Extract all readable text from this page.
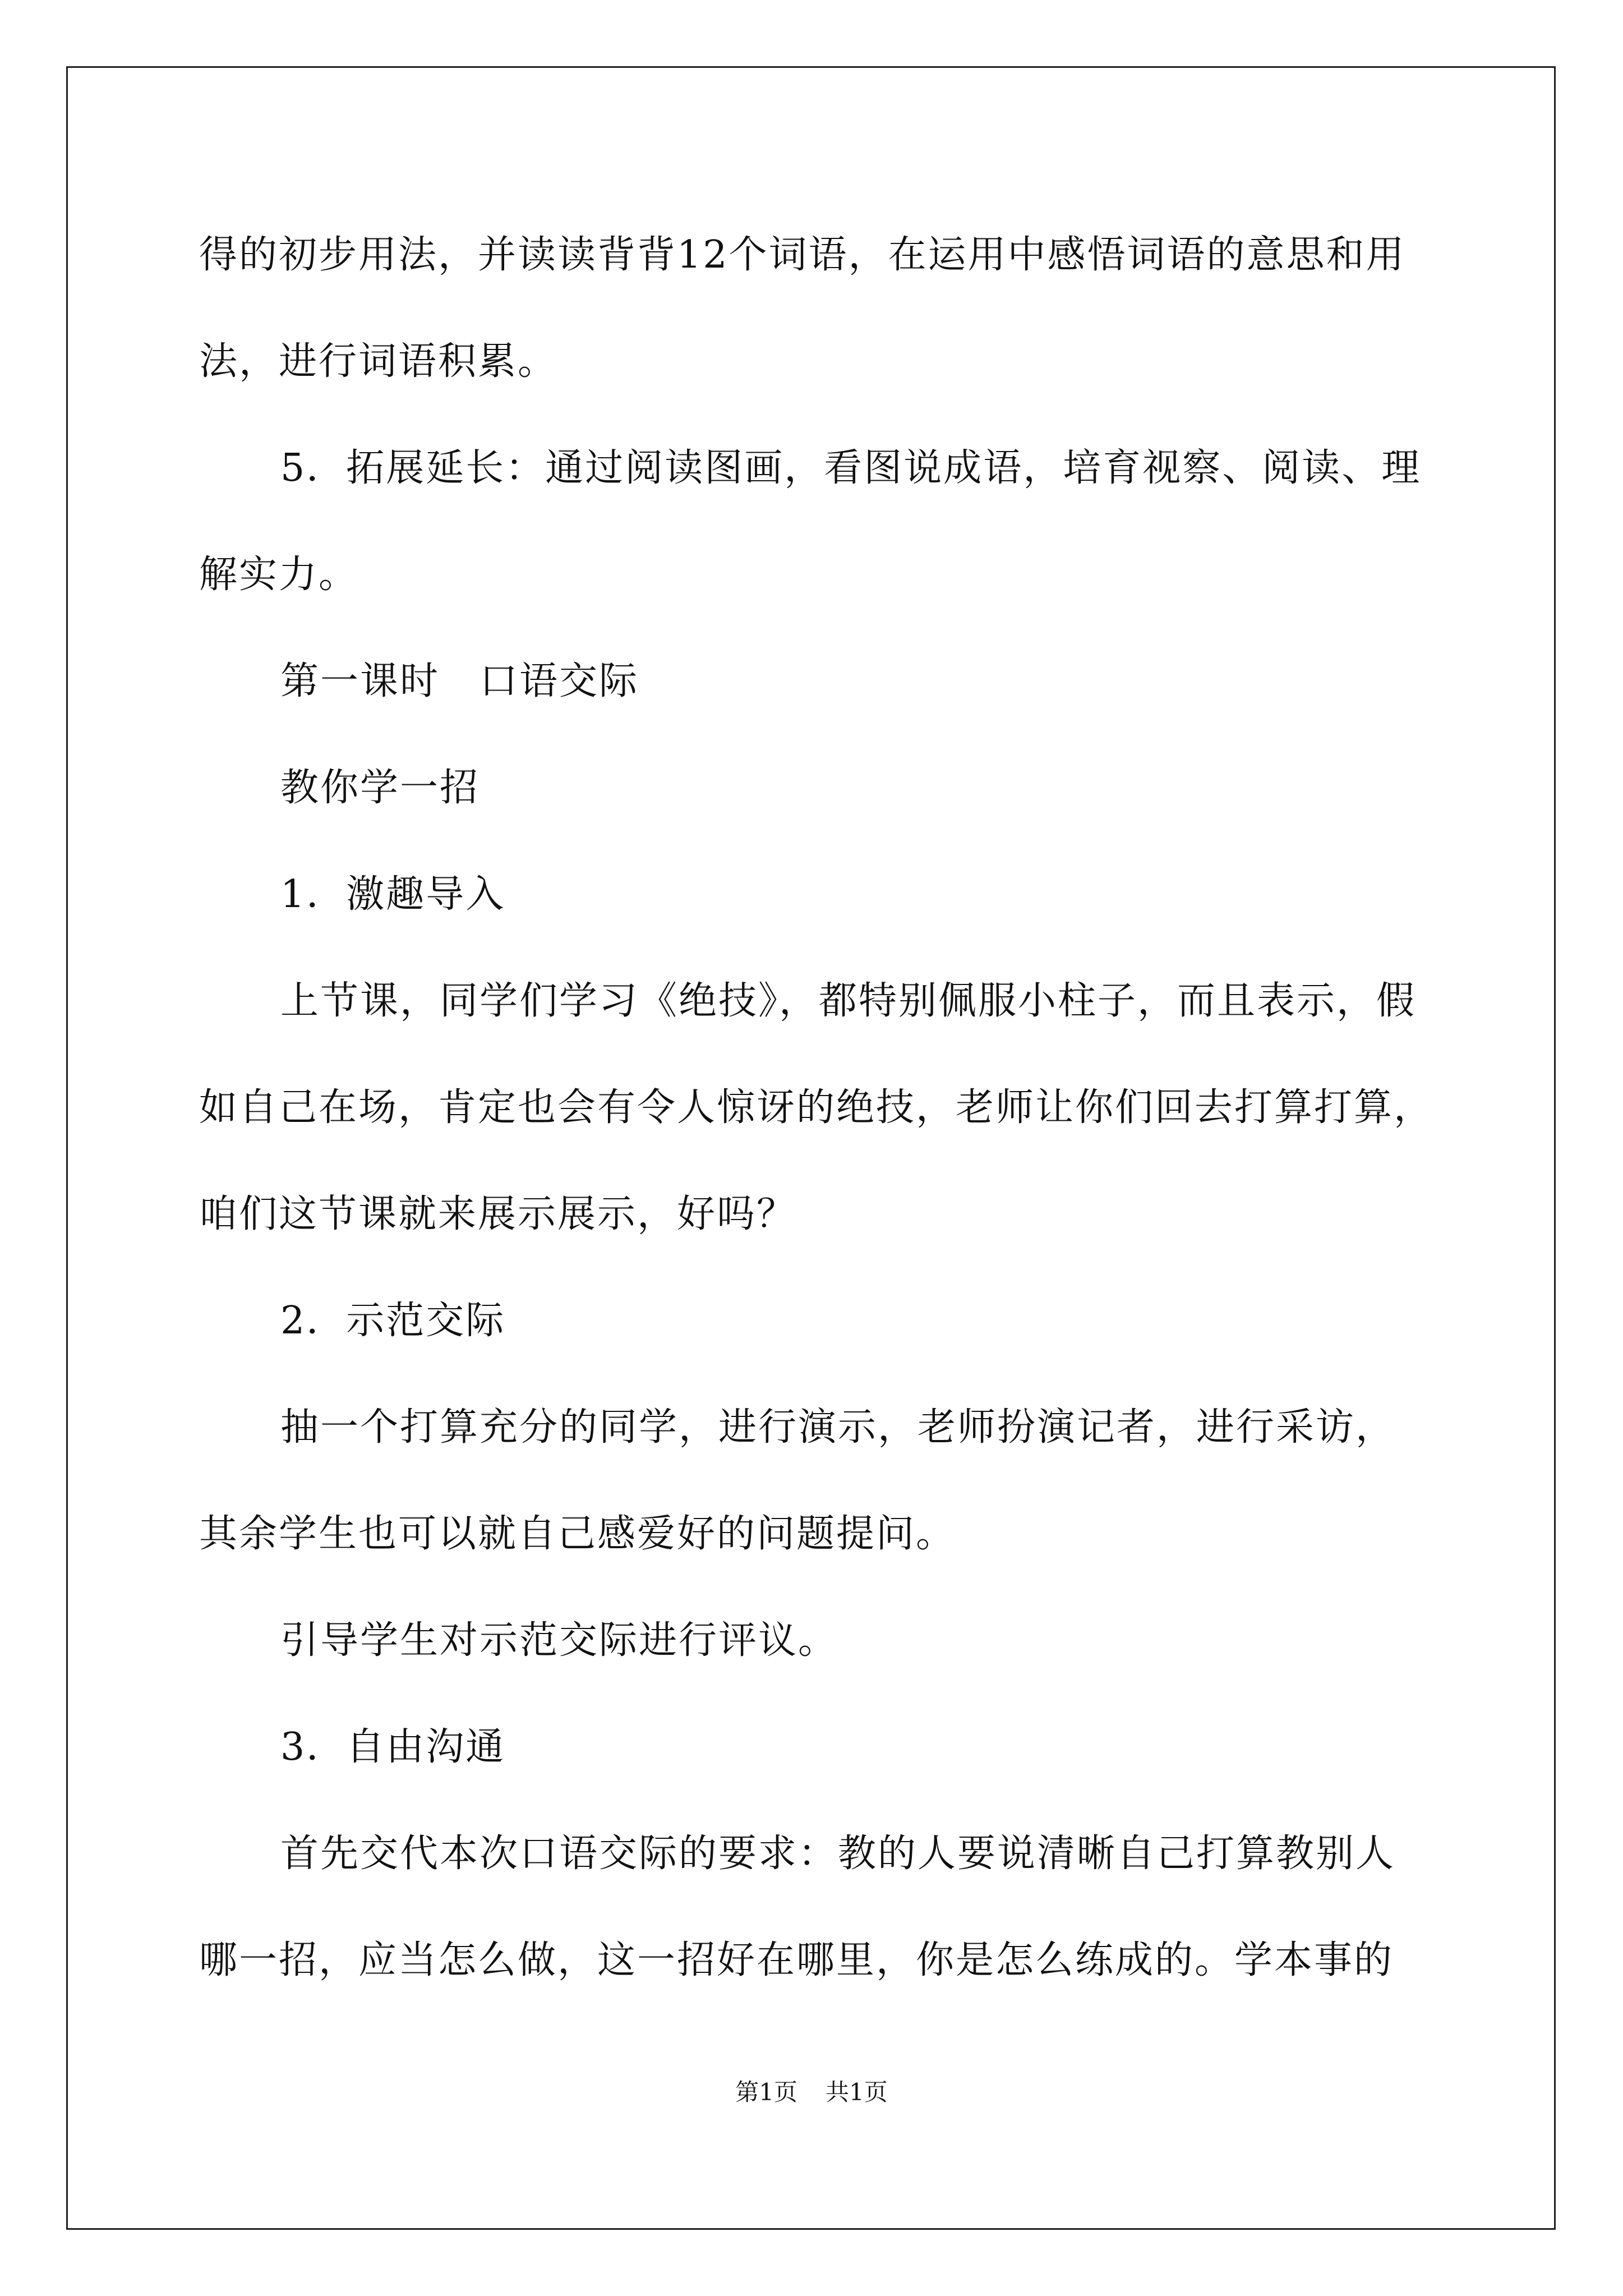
得的初步用法，并读读背背12个词语，在运用中感悟词语的意思和用
法，进行词语积累。
5．拓展延长：通过阅读图画，看图说成语，培育视察、阅读、理
解实力。
第一课时　口语交际
教你学一招
1．激趣导入
上节课，同学们学习《绝技》，都特别佩服小柱子，而且表示，假
如自己在场，肯定也会有令人惊讶的绝技，老师让你们回去打算打算，
咱们这节课就来展示展示，好吗？
2．示范交际
抽一个打算充分的同学，进行演示，老师扮演记者，进行采访，
其余学生也可以就自己感爱好的问题提问。
引导学生对示范交际进行评议。
3．自由沟通
首先交代本次口语交际的要求：教的人要说清晰自己打算教别人
哪一招，应当怎么做，这一招好在哪里，你是怎么练成的。学本事的
第1页 共1页
